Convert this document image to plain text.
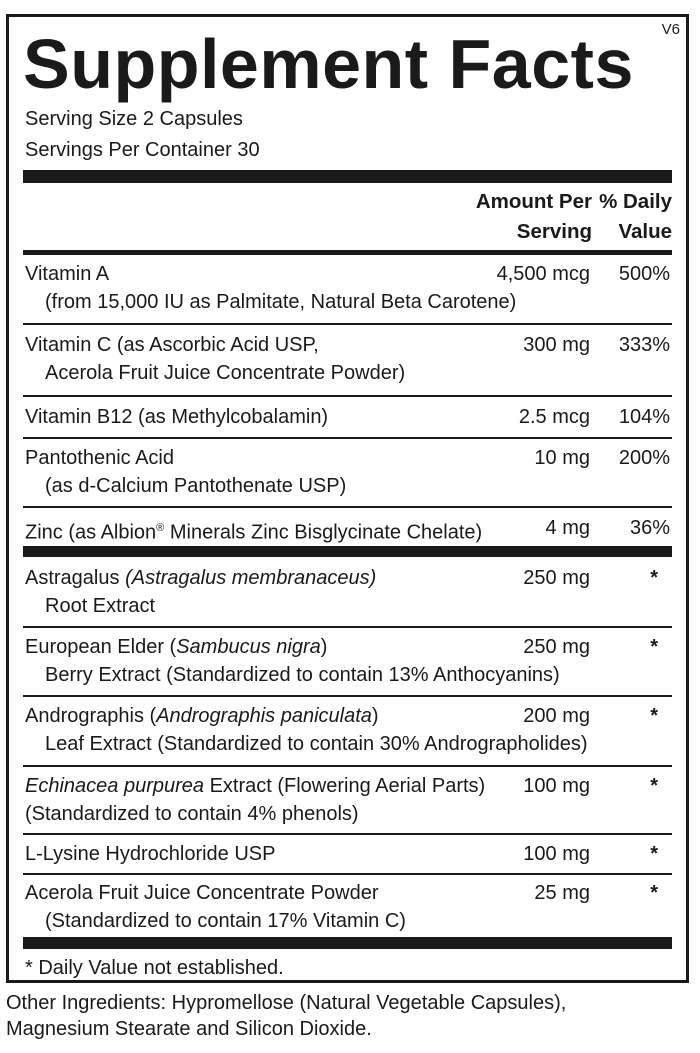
V6
Supplement Facts
Serving Size 2 Capsules
Servings Per Container 30
Amount Per
Serving
% Daily
Value
Vitamin A
(from 15,000 IU as Palmitate, Natural Beta Carotene)
4,500 mcg 500%
Vitamin C (as Ascorbic Acid USP,
Acerola Fruit Juice Concentrate Powder)
300 mg 333%
Vitamin B12 (as Methylcobalamin)	2.5 mcg 104%
Pantothenic Acid
(as d-Calcium Pantothenate USP)
10 mg 200%
Zinc (as Albion® Minerals Zinc Bisglycinate Chelate)	4 mg 36%
Astragalus (Astragalus membranaceus)
Root Extract
250 mg	*
European Elder (Sambucus nigra)
Berry Extract (Standardized to contain 13% Anthocyanins)
250 mg	*
Andrographis (Andrographis paniculata)
Leaf Extract (Standardized to contain 30% Andrographolides)
200 mg	*
Echinacea purpurea Extract (Flowering Aerial Parts)
(Standardized to contain 4% phenols)
100 mg	*
L-Lysine Hydrochloride USP	100 mg	*
Acerola Fruit Juice Concentrate Powder
(Standardized to contain 17% Vitamin C)
25 mg	*
* Daily Value not established.
Other Ingredients: Hypromellose (Natural Vegetable Capsules),
Magnesium Stearate and Silicon Dioxide.
